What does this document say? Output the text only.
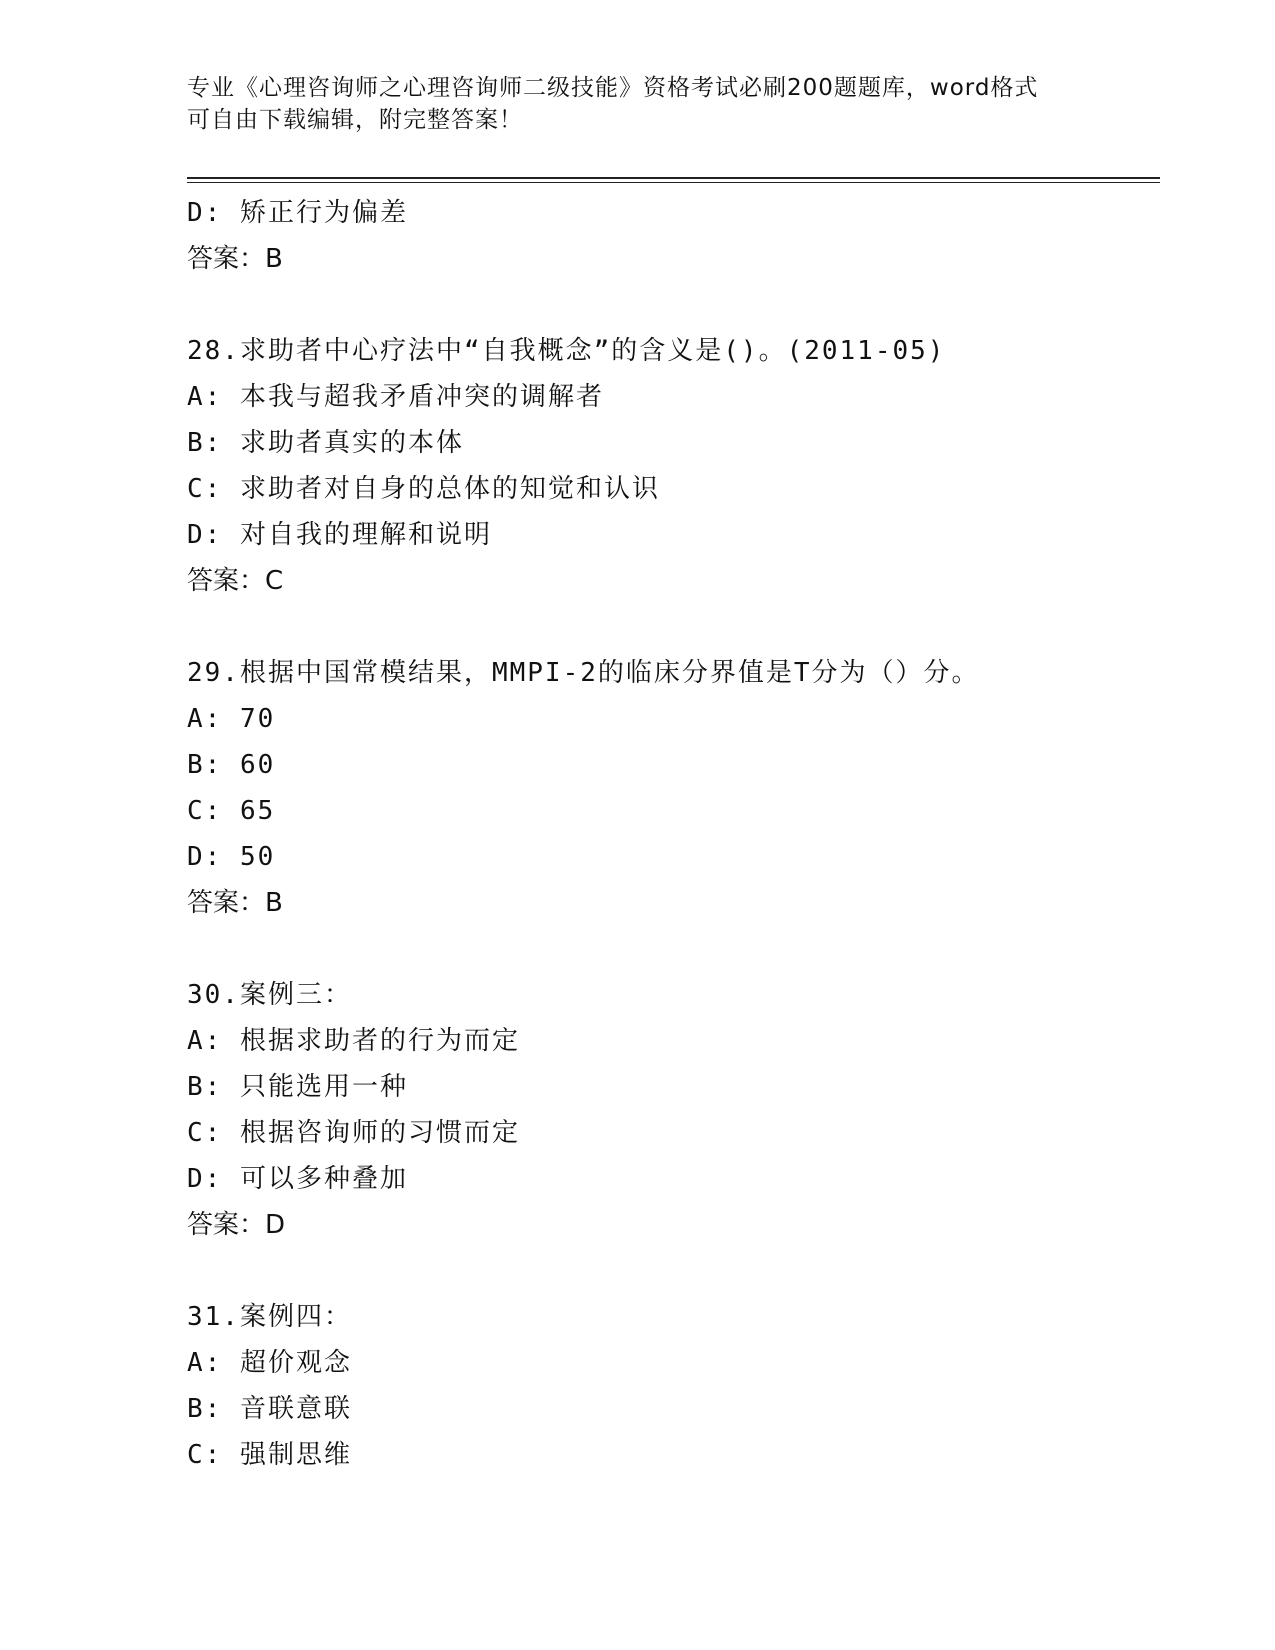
专业《心理咨询师之心理咨询师二级技能》资格考试必刷200题题库，word格式
可自由下载编辑，附完整答案！
D: 矫正行为偏差
答案：B
28.求助者中心疗法中“自我概念”的含义是()。(2011-05)
A: 本我与超我矛盾冲突的调解者
B: 求助者真实的本体
C: 求助者对自身的总体的知觉和认识
D: 对自我的理解和说明
答案：C
29.根据中国常模结果，MMPI-2的临床分界值是T分为（）分。
A: 70
B: 60
C: 65
D: 50
答案：B
30.案例三：
A: 根据求助者的行为而定
B: 只能选用一种
C: 根据咨询师的习惯而定
D: 可以多种叠加
答案：D
31.案例四：
A: 超价观念
B: 音联意联
C: 强制思维
